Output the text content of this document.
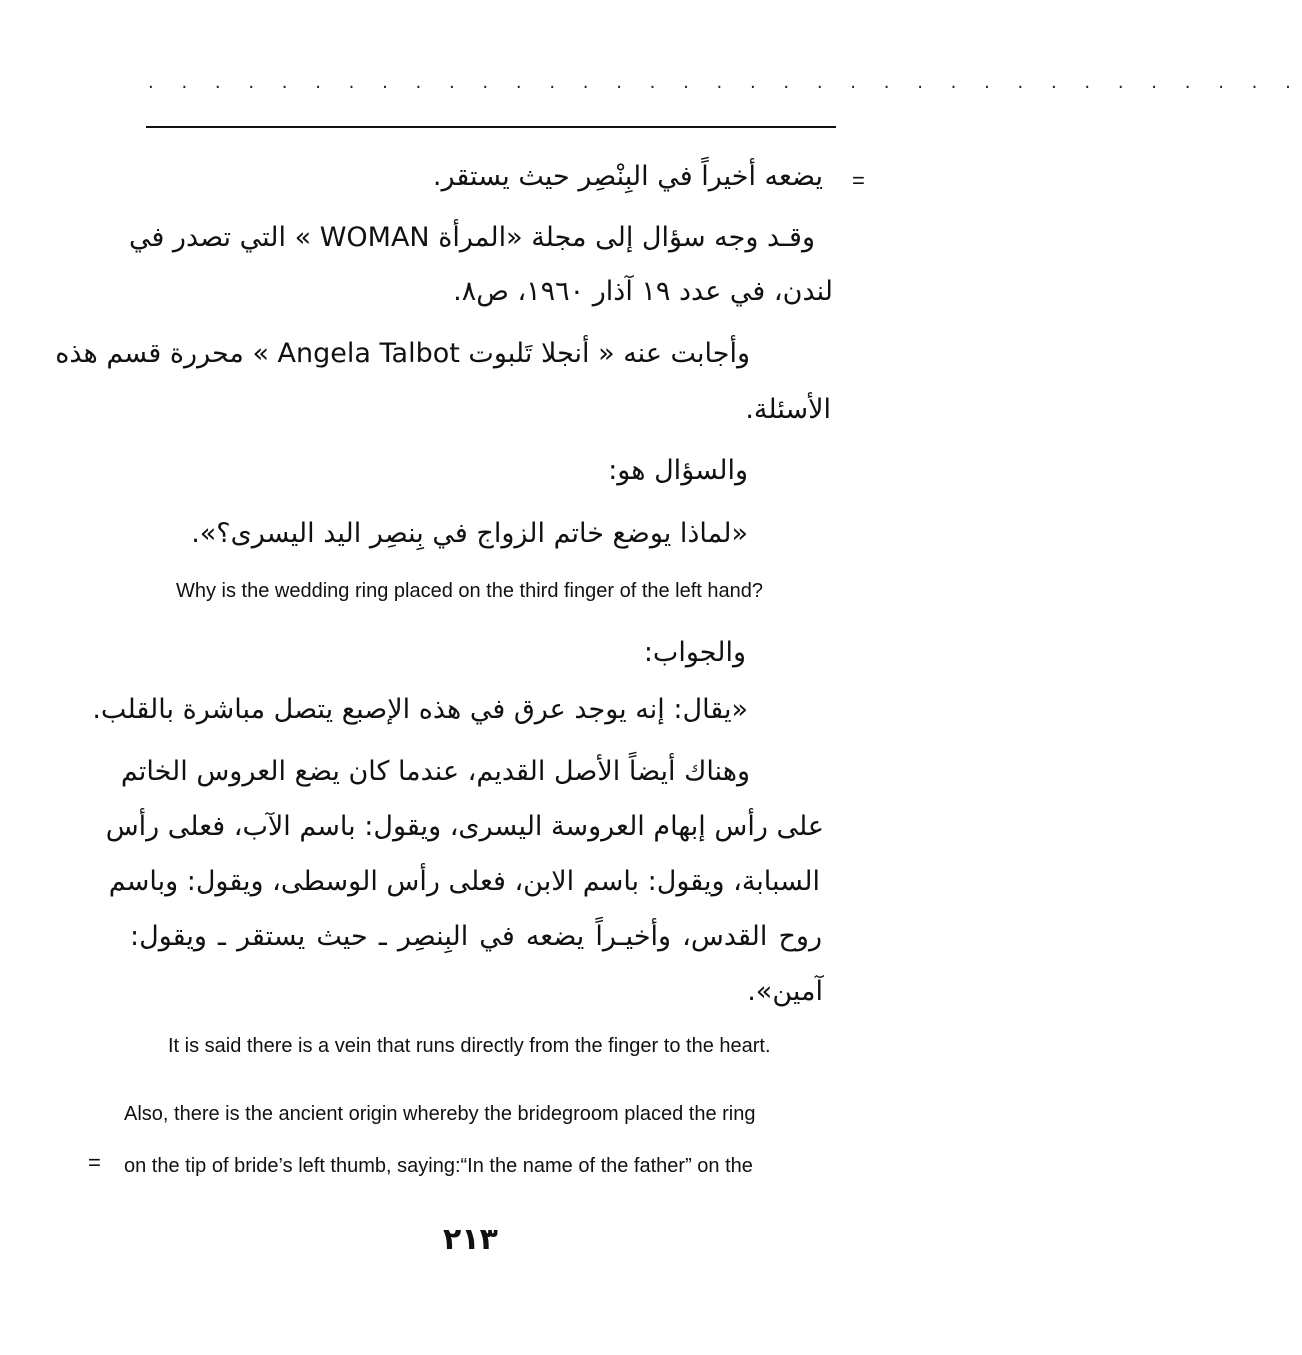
. . . . . . . . . . . . . . . . . . . . . . . . . . . . . . . . . . .
=
يضعه أخيراً في البِنْصِر حيث يستقر.
وقـد وجه سؤال إلى مجلة «المرأة WOMAN » التي تصدر في
لندن، في عدد ١٩ آذار ١٩٦٠، ص٨.
وأجابت عنه « أنجلا تَلبوت Angela Talbot » محررة قسم هذه
الأسئلة.
والسؤال هو:
«لماذا يوضع خاتم الزواج في بِنصِر اليد اليسرى؟».
Why is the wedding ring placed on the third finger of the left hand?
والجواب:
«يقال: إنه يوجد عرق في هذه الإصبع يتصل مباشرة بالقلب.
وهناك أيضاً الأصل القديم، عندما كان يضع العروس الخاتم
على رأس إبهام العروسة اليسرى، ويقول: باسم الآب، فعلى رأس
السبابة، ويقول: باسم الابن، فعلى رأس الوسطى، ويقول: وباسم
روح القدس، وأخيـراً يضعه في البِنصِر ـ حيث يستقر ـ ويقول:
آمين».
It is said there is a vein that runs directly from the finger to the heart.
Also, there is the ancient origin whereby the bridegroom placed the ring
= on the tip of bride’s left thumb, saying:“In the name of the father” on the
٢١٣
